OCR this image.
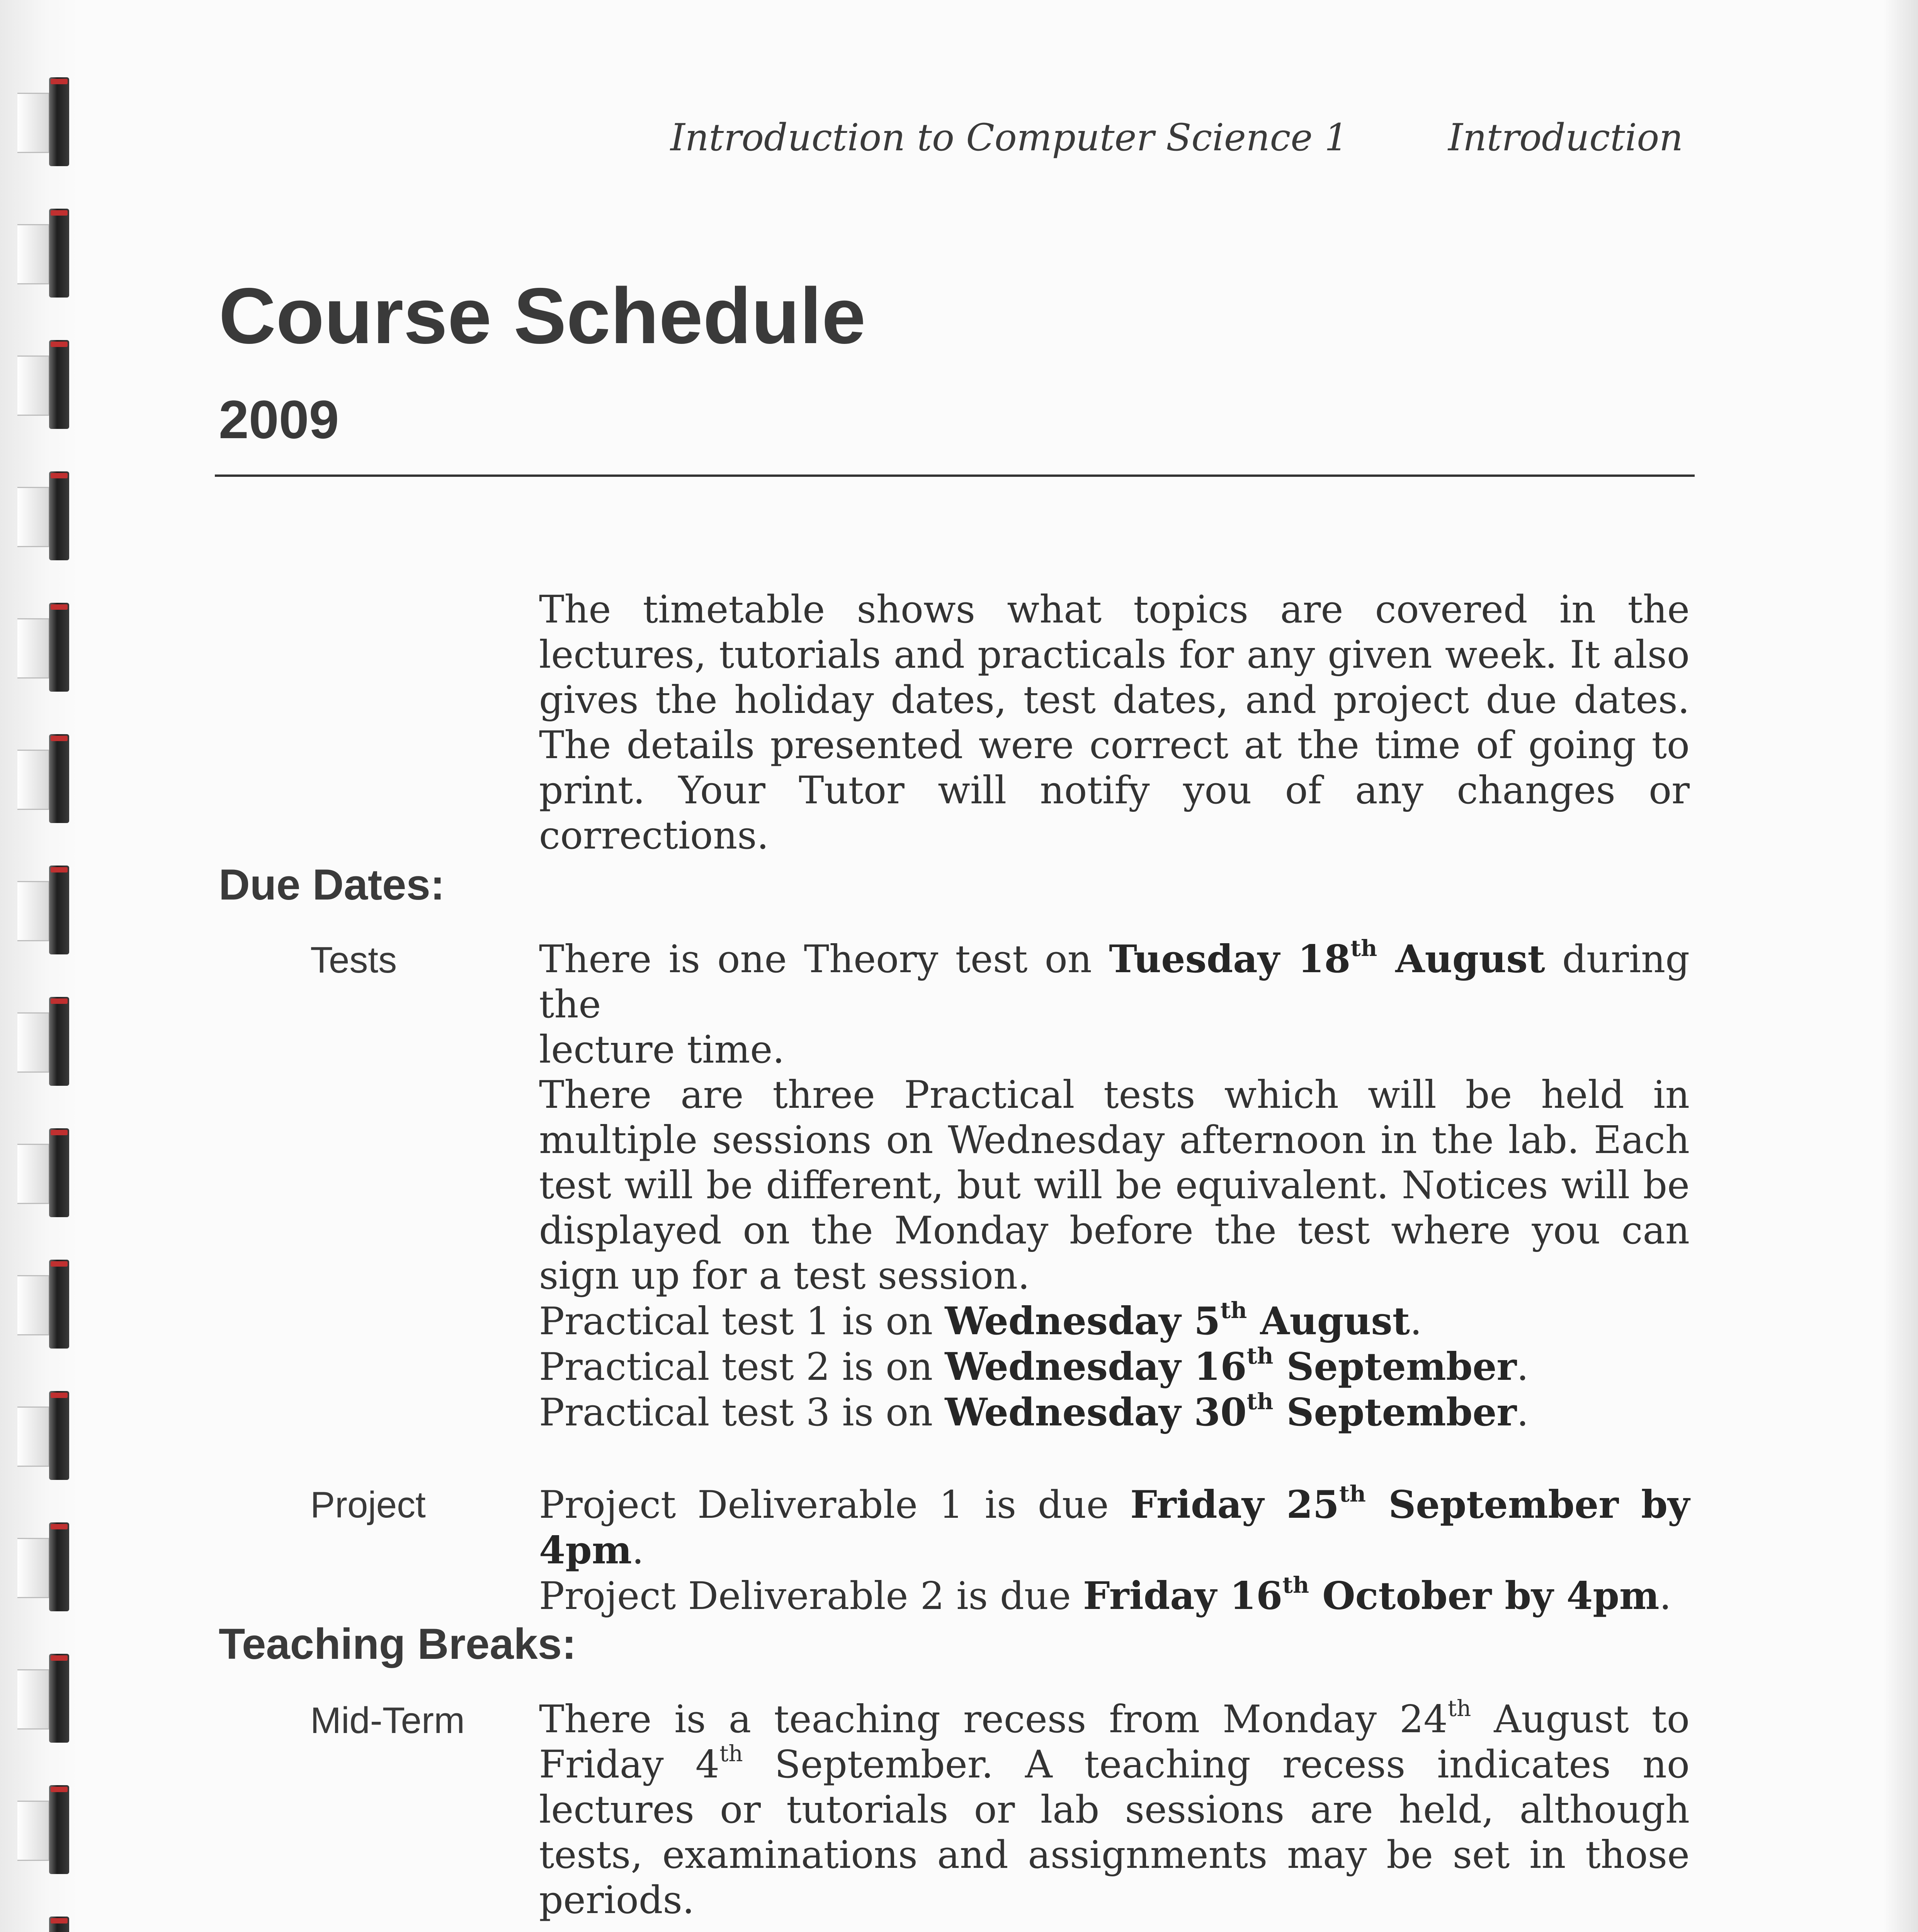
Introduction to Computer Science 1	Introduction
Course Schedule
2009

The timetable shows what topics are covered in the lectures, tutorials and practicals for any given week. It also gives the holiday dates, test dates, and project due dates. The details presented were correct at the time of going to print. Your Tutor will notify you of any changes or corrections.

Due Dates:
Tests	There is one Theory test on Tuesday 18th August during the
lecture time.

There are three Practical tests which will be held in multiple sessions on Wednesday afternoon in the lab. Each test will be different, but will be equivalent. Notices will be displayed on the Monday before the test where you can sign up for a test session.

Practical test 1 is on Wednesday 5th August.
Practical test 2 is on Wednesday 16th September.
Practical test 3 is on Wednesday 30th September.
Project	Project Deliverable 1 is due Friday 25th September by 4pm.
Project Deliverable 2 is due Friday 16th October by 4pm.
Teaching Breaks:
Mid-Term There is a teaching recess from Monday 24th August to Friday 4th September. A teaching recess indicates no lectures or tutorials or lab sessions are held, although tests, examinations and assignments may be set in those periods.
